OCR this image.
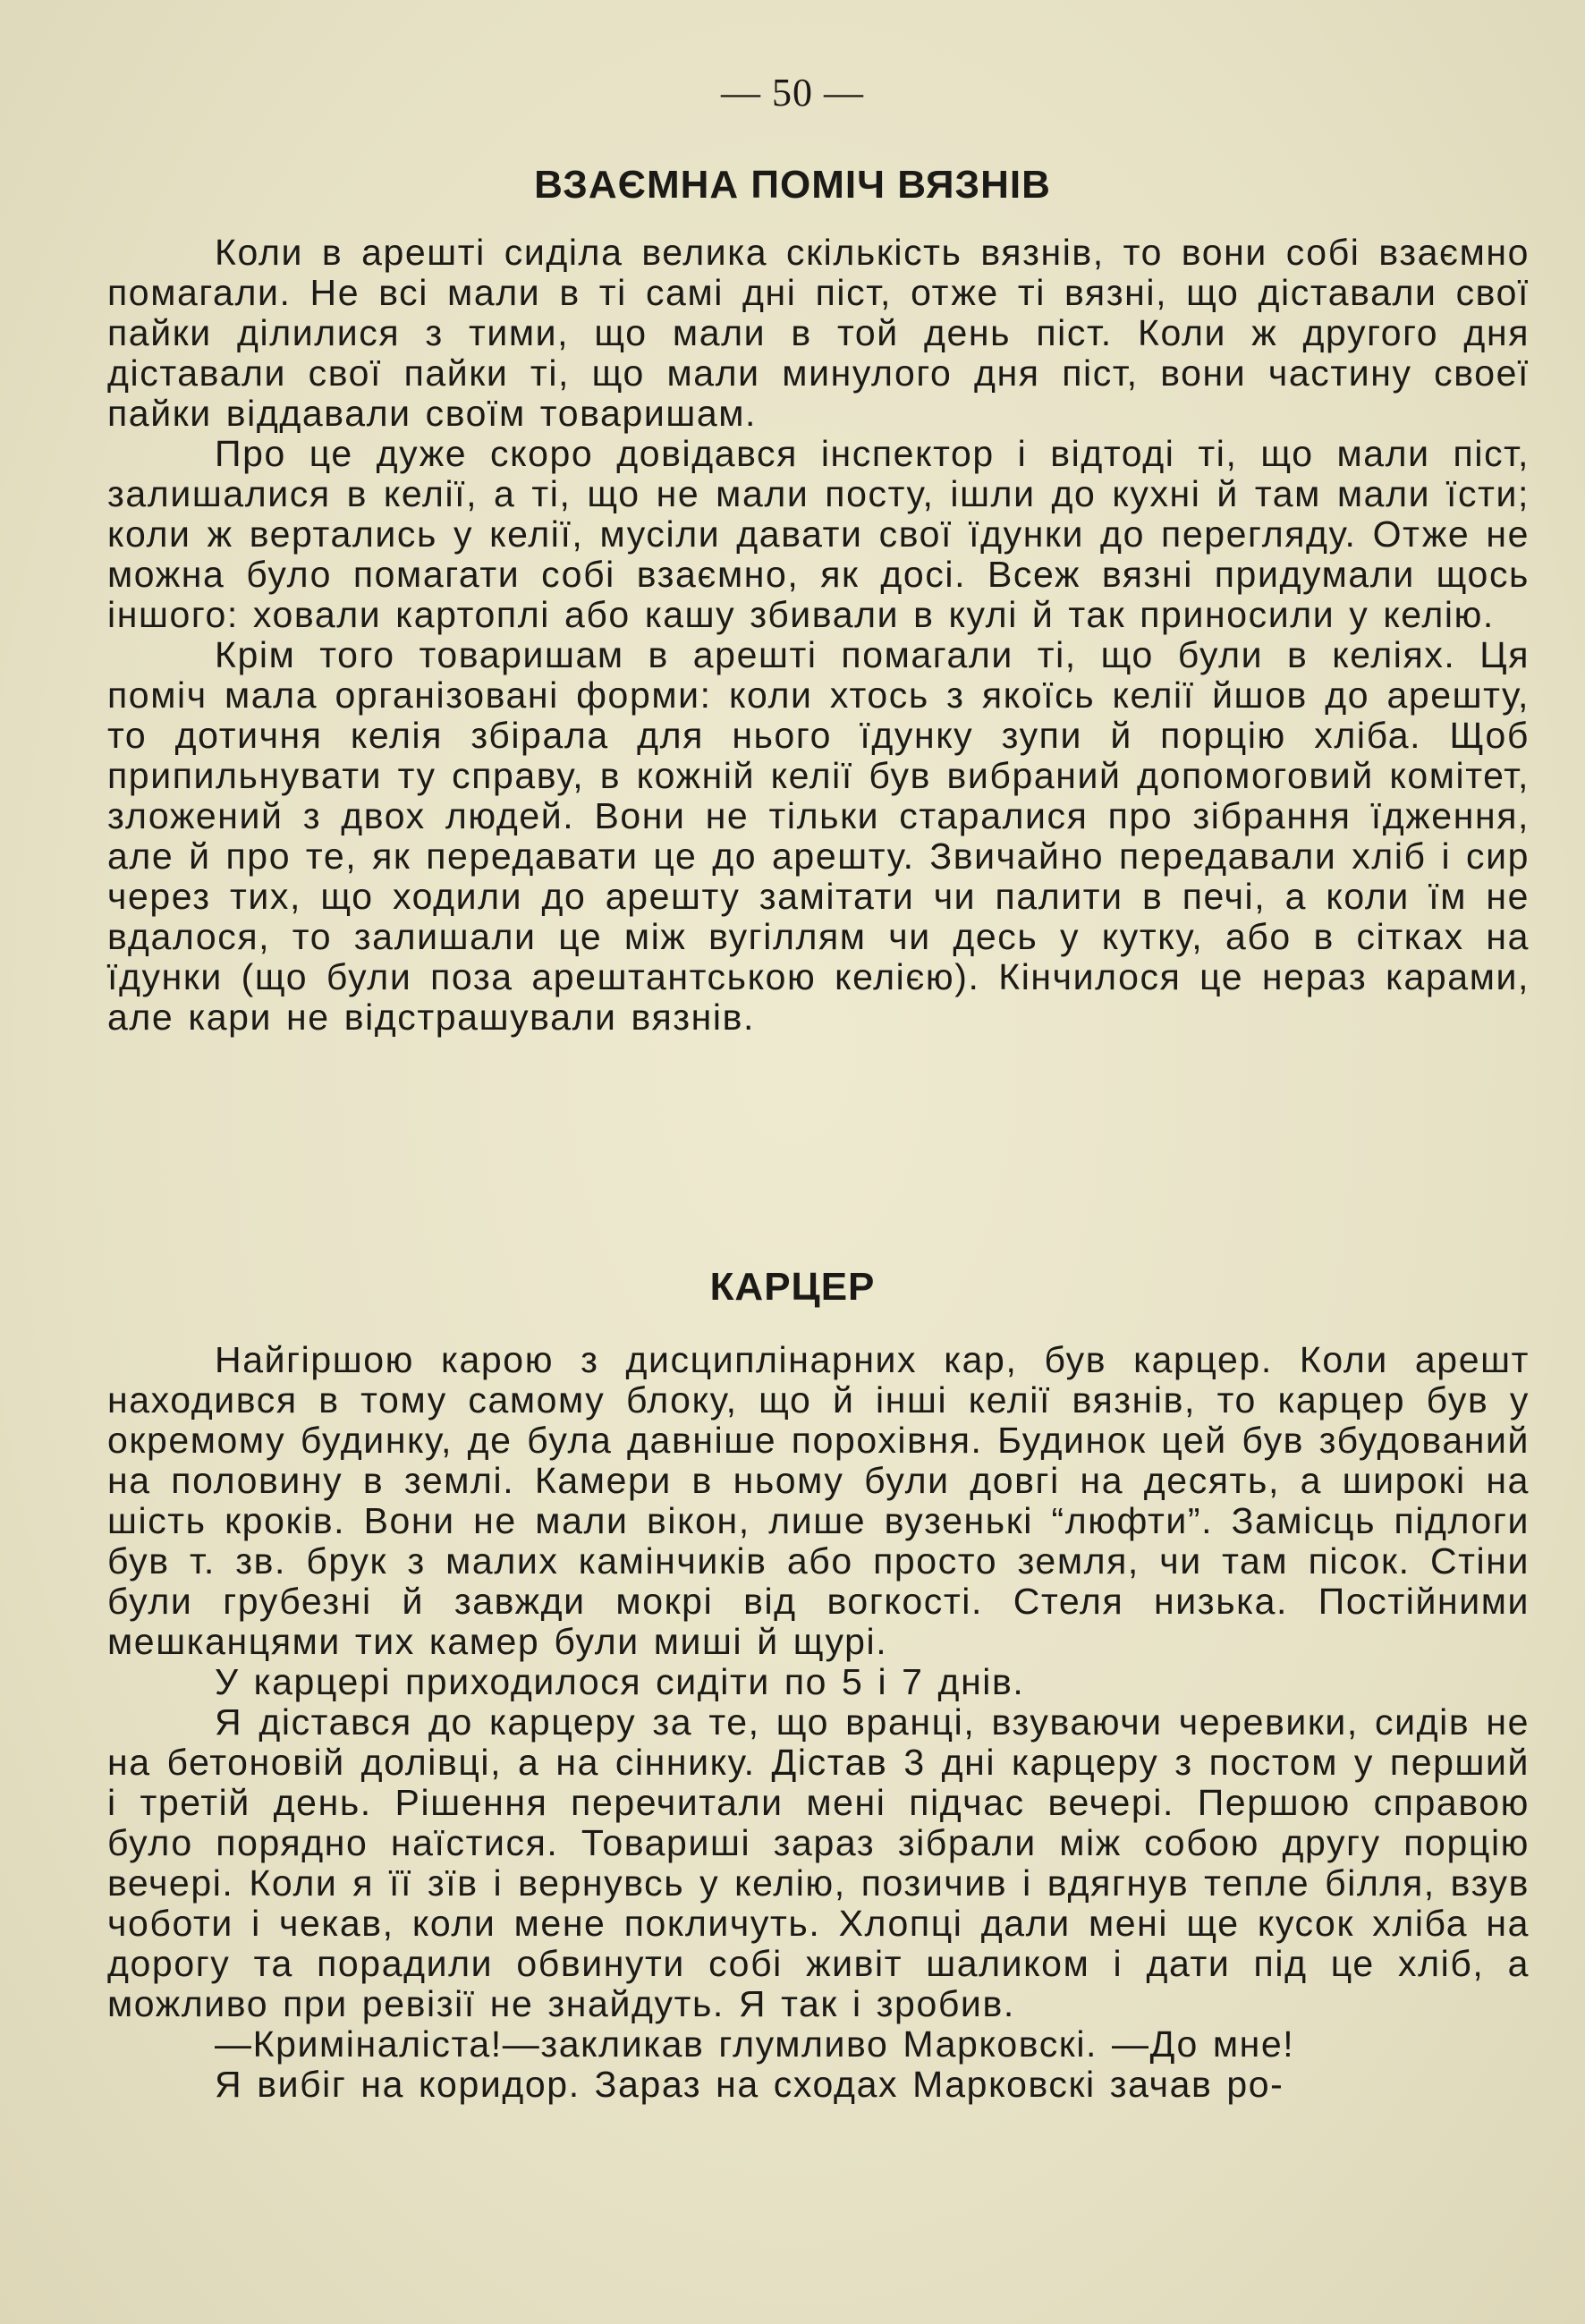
— 50 —
ВЗАЄМНА ПОМІЧ ВЯЗНІВ

Коли в арешті сиділа велика скількість вязнів, то вони собі взаємно помагали. Не всі мали в ті самі дні піст, отже ті вязні, що діставали свої пайки ділилися з тими, що мали в той день піст. Коли ж другого дня діставали свої пайки ті, що мали минулого дня піст, вони частину своеї пайки віддавали своїм товаришам.

Про це дуже скоро довідався інспектор і відтоді ті, що мали піст, залишалися в келії, а ті, що не мали посту, ішли до кухні й там мали їсти; коли ж вертались у келії, мусіли давати свої їдунки до перегляду. Отже не можна було помагати собі взаємно, як досі. Всеж вязні придумали щось іншого: ховали картоплі або кашу збивали в кулі й так приносили у келію.

Крім того товаришам в арешті помагали ті, що були в келіях. Ця поміч мала організовані форми: коли хтось з якоїсь келії йшов до арешту, то дотичня келія збірала для нього їдунку зупи й порцію хліба. Щоб припильнувати ту справу, в кожній келії був вибраний допомоговий комітет, зложений з двох людей. Вони не тільки старалися про зібрання їдження, але й про те, як передавати це до арешту. Звичайно передавали хліб і сир через тих, що ходили до арешту замітати чи палити в печі, а коли їм не вдалося, то залишали це між вугіллям чи десь у кутку, або в сітках на їдунки (що були поза арештантською келією). Кінчилося це нераз карами, але кари не відстрашували вязнів.

КАРЦЕР

Найгіршою карою з дисциплінарних кар, був карцер. Коли арешт находився в тому самому блоку, що й інші келії вязнів, то карцер був у окремому будинку, де була давніше порохівня. Будинок цей був збудований на половину в землі. Камери в ньому були довгі на десять, а широкі на шість кроків. Вони не мали вікон, лише вузенькі “люфти”. Замісць підлоги був т. зв. брук з малих камінчиків або просто земля, чи там пісок. Стіни були грубезні й завжди мокрі від вогкості. Стеля низька. Постійними мешканцями тих камер були миші й щурі.

У карцері приходилося сидіти по 5 і 7 днів.

Я дістався до карцеру за те, що вранці, взуваючи черевики, сидів не на бетоновій долівці, а на сіннику. Дістав 3 дні карцеру з постом у перший і третій день. Рішення перечитали мені підчас вечері. Першою справою було порядно наїстися. Товариші зараз зібрали між собою другу порцію вечері. Коли я її зїв і вернувсь у келію, позичив і вдягнув тепле білля, взув чоботи і чекав, коли мене покличуть. Хлопці дали мені ще кусок хліба на дорогу та порадили обвинути собі живіт шаликом і дати під це хліб, а можливо при ревізії не знайдуть. Я так і зробив.

—Криміналіста!—закликав глумливо Марковскі. —До мне!

Я вибіг на коридор. Зараз на сходах Марковскі зачав ро-
